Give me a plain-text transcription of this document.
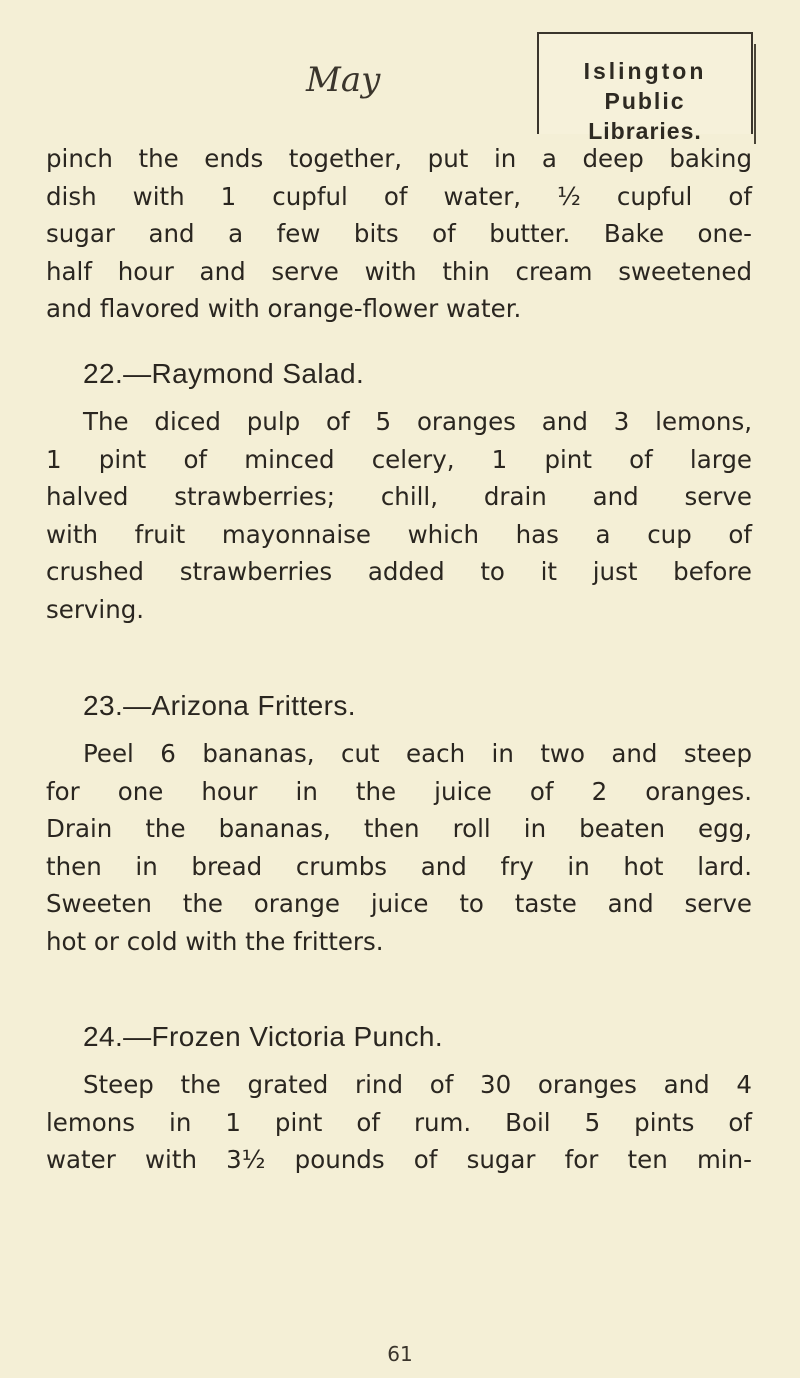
May	Islington
Public
Libraries.
pinch the ends together, put in a deep baking
dish with 1 cupful of water, ½ cupful of
sugar and a few bits of butter. Bake one-
half hour and serve with thin cream sweetened
and flavored with orange-flower water.
22.—Raymond Salad.
The diced pulp of 5 oranges and 3 lemons,
1 pint of minced celery, 1 pint of large
halved strawberries; chill, drain and serve
with fruit mayonnaise which has a cup of
crushed strawberries added to it just before
serving.
23.—Arizona Fritters.
Peel 6 bananas, cut each in two and steep
for one hour in the juice of 2 oranges.
Drain the bananas, then roll in beaten egg,
then in bread crumbs and fry in hot lard.
Sweeten the orange juice to taste and serve
hot or cold with the fritters.
24.—Frozen Victoria Punch.
Steep the grated rind of 30 oranges and 4
lemons in 1 pint of rum. Boil 5 pints of
water with 3½ pounds of sugar for ten min-
61
